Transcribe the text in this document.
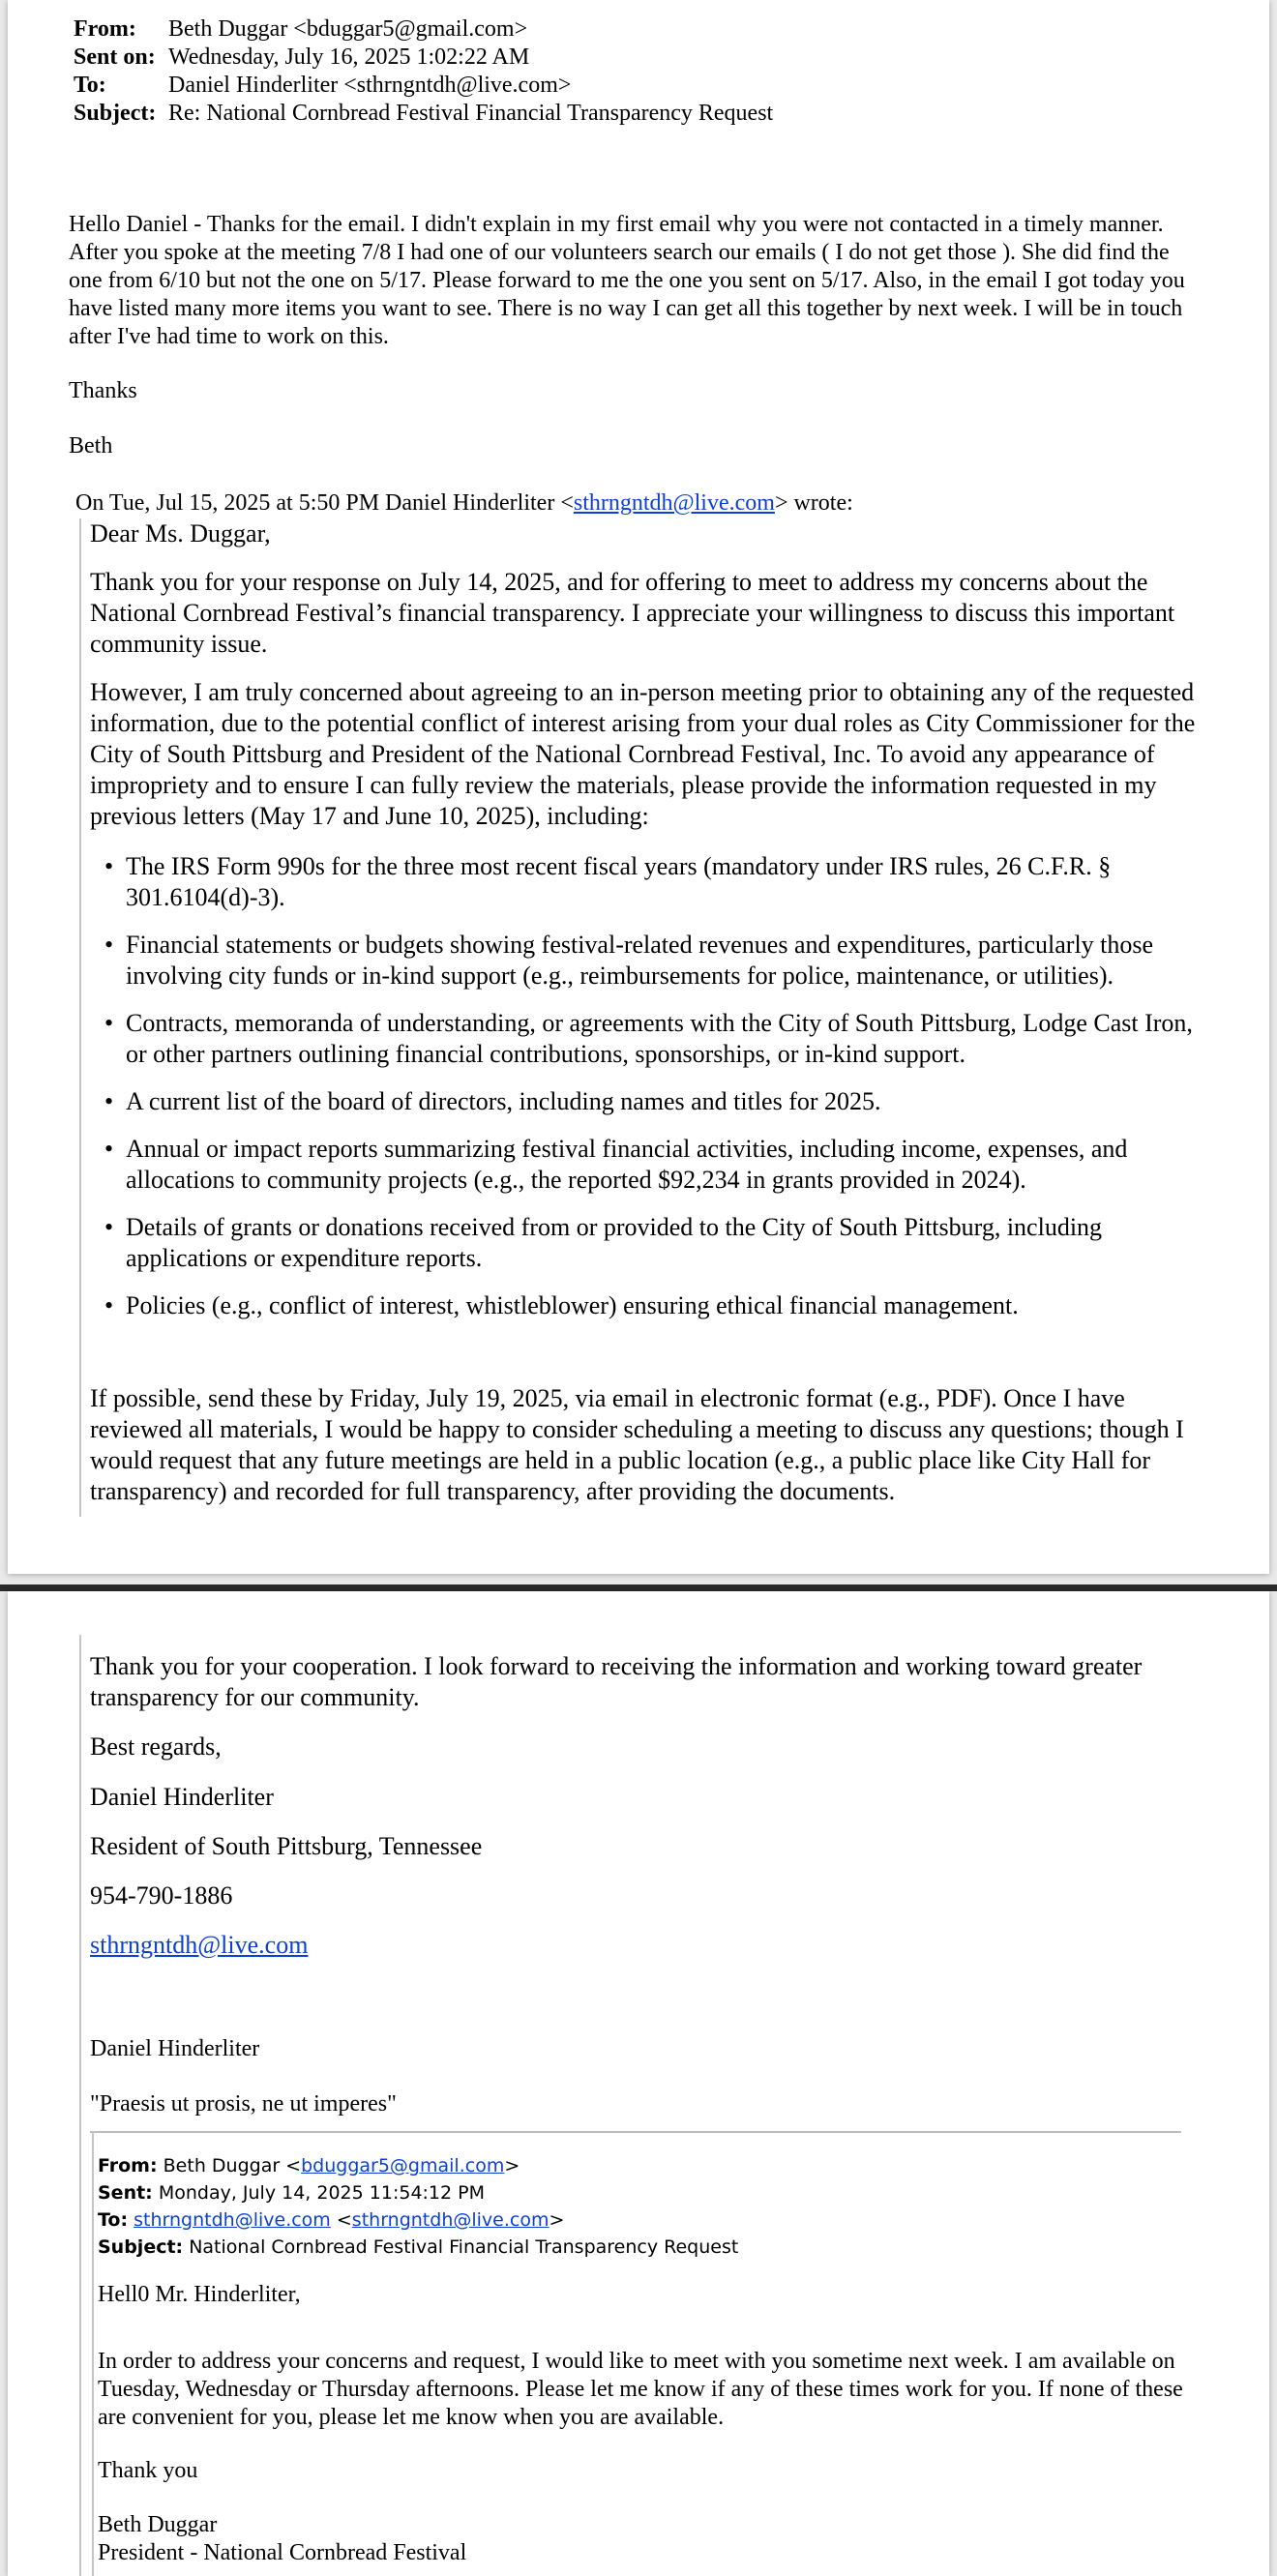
From: Beth Duggar <bduggar5@gmail.com>
Sent on: Wednesday, July 16, 2025 1:02:22 AM
To:	Daniel Hinderliter <sthrngntdh@live.com>
Subject: Re: National Cornbread Festival Financial Transparency Request
Hello Daniel - Thanks for the email. I didn't explain in my first email why you were not contacted in a timely manner. After you spoke at the meeting 7/8 I had one of our volunteers search our emails ( I do not get those ). She did find the one from 6/10 but not the one on 5/17. Please forward to me the one you sent on 5/17. Also, in the email I got today you have listed many more items you want to see. There is no way I can get all this together by next week. I will be in touch after I've had time to work on this.
Thanks
Beth
On Tue, Jul 15, 2025 at 5:50 PM Daniel Hinderliter <sthrngntdh@live.com> wrote:
Dear Ms. Duggar,
Thank you for your response on July 14, 2025, and for offering to meet to address my concerns about the National Cornbread Festival’s financial transparency. I appreciate your willingness to discuss this important community issue.
However, I am truly concerned about agreeing to an in-person meeting prior to obtaining any of the requested information, due to the potential conflict of interest arising from your dual roles as City Commissioner for the City of South Pittsburg and President of the National Cornbread Festival, Inc. To avoid any appearance of impropriety and to ensure I can fully review the materials, please provide the information requested in my previous letters (May 17 and June 10, 2025), including:
• The IRS Form 990s for the three most recent fiscal years (mandatory under IRS rules, 26 C.F.R. § 301.6104(d)-3).
• Financial statements or budgets showing festival-related revenues and expenditures, particularly those involving city funds or in-kind support (e.g., reimbursements for police, maintenance, or utilities).
• Contracts, memoranda of understanding, or agreements with the City of South Pittsburg, Lodge Cast Iron, or other partners outlining financial contributions, sponsorships, or in-kind support.
• A current list of the board of directors, including names and titles for 2025.
• Annual or impact reports summarizing festival financial activities, including income, expenses, and allocations to community projects (e.g., the reported $92,234 in grants provided in 2024).
• Details of grants or donations received from or provided to the City of South Pittsburg, including applications or expenditure reports.
• Policies (e.g., conflict of interest, whistleblower) ensuring ethical financial management.
If possible, send these by Friday, July 19, 2025, via email in electronic format (e.g., PDF). Once I have reviewed all materials, I would be happy to consider scheduling a meeting to discuss any questions; though I would request that any future meetings are held in a public location (e.g., a public place like City Hall for transparency) and recorded for full transparency, after providing the documents.
Thank you for your cooperation. I look forward to receiving the information and working toward greater transparency for our community.
Best regards,
Daniel Hinderliter
Resident of South Pittsburg, Tennessee
954-790-1886
sthrngntdh@live.com
Daniel Hinderliter
"Praesis ut prosis, ne ut imperes"
From: Beth Duggar <bduggar5@gmail.com>
Sent: Monday, July 14, 2025 11:54:12 PM
To: sthrngntdh@live.com <sthrngntdh@live.com>
Subject: National Cornbread Festival Financial Transparency Request
Hell0 Mr. Hinderliter,
In order to address your concerns and request, I would like to meet with you sometime next week. I am available on Tuesday, Wednesday or Thursday afternoons. Please let me know if any of these times work for you. If none of these are convenient for you, please let me know when you are available.
Thank you
Beth Duggar
President - National Cornbread Festival
